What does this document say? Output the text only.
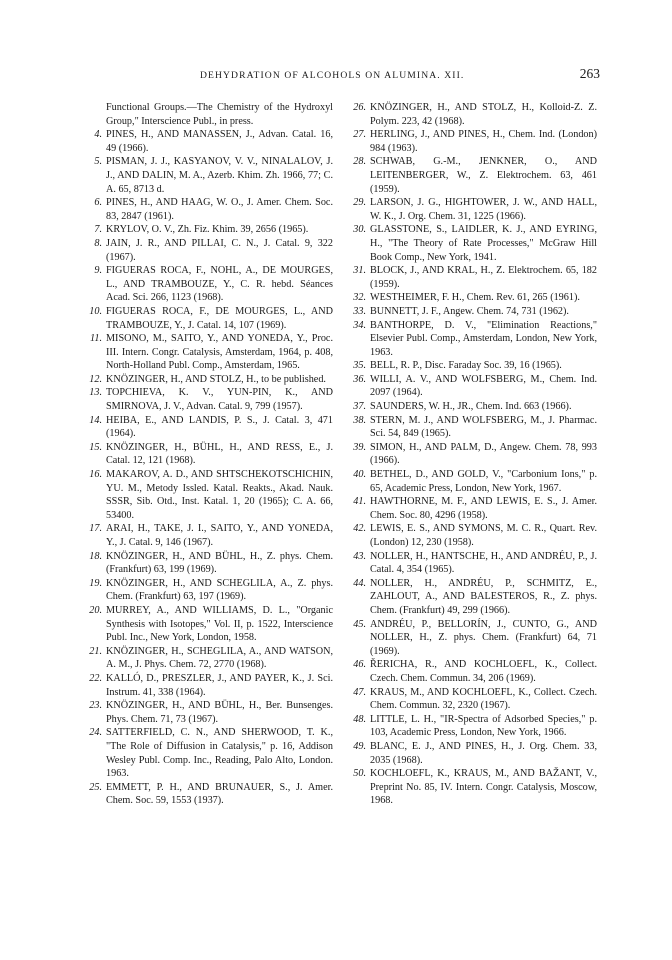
DEHYDRATION OF ALCOHOLS ON ALUMINA. XII.	263
Functional Groups.—The Chemistry of the Hydroxyl Group," Interscience Publ., in press.
4 . PINES, H., AND MANASSEN, J., Advan. Catal. 16, 49 (1966).
5 . PISMAN, J. J., KASYANOV, V. V., NINALALOV, J. J., AND DALIN, M. A., Azerb. Khim. Zh. 1966, 77; C. A. 65, 8713 d.
6 . PINES, H., AND HAAG, W. O., J. Amer. Chem. Soc. 83, 2847 (1961).
7 . KRYLOV, O. V., Zh. Fiz. Khim. 39, 2656 (1965).
8 . JAIN, J. R., AND PILLAI, C. N., J. Catal. 9, 322 (1967).
9 . FIGUERAS ROCA, F., NOHL, A., DE MOURGES, L., AND TRAMBOUZE, Y., C. R. hebd. Séances Acad. Sci. 266, 1123 (1968).
10 . FIGUERAS ROCA, F., DE MOURGES, L., AND TRAMBOUZE, Y., J. Catal. 14, 107 (1969).
11 . MISONO, M., SAITO, Y., AND YONEDA, Y., Proc. III. Intern. Congr. Catalysis, Amsterdam, 1964, p. 408, North-Holland Publ. Comp., Amsterdam, 1965.
12 . KNÖZINGER, H., AND STOLZ, H., to be published.
13 . TOPCHIEVA, K. V., YUN-PIN, K., AND SMIRNOVA, J. V., Advan. Catal. 9, 799 (1957).
14 . HEIBA, E., AND LANDIS, P. S., J. Catal. 3, 471 (1964).
15 . KNÖZINGER, H., BÜHL, H., AND RESS, E., J. Catal. 12, 121 (1968).
16 . MAKAROV, A. D., AND SHTSCHEKOTSCHICHIN, YU. M., Metody Issled. Katal. Reakts., Akad. Nauk. SSSR, Sib. Otd., Inst. Katal. 1, 20 (1965); C. A. 66, 53400.
17 . ARAI, H., TAKE, J. I., SAITO, Y., AND YONEDA, Y., J. Catal. 9, 146 (1967).
18 . KNÖZINGER, H., AND BÜHL, H., Z. phys. Chem. (Frankfurt) 63, 199 (1969).
19 . KNÖZINGER, H., AND SCHEGLILA, A., Z. phys. Chem. (Frankfurt) 63, 197 (1969).
20 . MURREY, A., AND WILLIAMS, D. L., "Organic Synthesis with Isotopes," Vol. II, p. 1522, Interscience Publ. Inc., New York, London, 1958.
21 . KNÖZINGER, H., SCHEGLILA, A., AND WATSON, A. M., J. Phys. Chem. 72, 2770 (1968).
22 . KALLÓ, D., PRESZLER, J., AND PAYER, K., J. Sci. Instrum. 41, 338 (1964).
23 . KNÖZINGER, H., AND BÜHL, H., Ber. Bunsenges. Phys. Chem. 71, 73 (1967).
24 . SATTERFIELD, C. N., AND SHERWOOD, T. K., "The Role of Diffusion in Catalysis," p. 16, Addison Wesley Publ. Comp. Inc., Reading, Palo Alto, London. 1963.
25 . EMMETT, P. H., AND BRUNAUER, S., J. Amer. Chem. Soc. 59, 1553 (1937).
26 . KNÖZINGER, H., AND STOLZ, H., Kolloid-Z. Z. Polym. 223, 42 (1968).
27 . HERLING, J., AND PINES, H., Chem. Ind. (London) 984 (1963).
28 . SCHWAB, G.-M., JENKNER, O., AND LEITENBERGER, W., Z. Elektrochem. 63, 461 (1959).
29 . LARSON, J. G., HIGHTOWER, J. W., AND HALL, W. K., J. Org. Chem. 31, 1225 (1966).
30 . GLASSTONE, S., LAIDLER, K. J., AND EYRING, H., "The Theory of Rate Processes," McGraw Hill Book Comp., New York, 1941.
31 . BLOCK, J., AND KRAL, H., Z. Elektrochem. 65, 182 (1959).
32 . WESTHEIMER, F. H., Chem. Rev. 61, 265 (1961).
33 . BUNNETT, J. F., Angew. Chem. 74, 731 (1962).
34 . BANTHORPE, D. V., "Elimination Reactions," Elsevier Publ. Comp., Amsterdam, London, New York, 1963.
35 . BELL, R. P., Disc. Faraday Soc. 39, 16 (1965).
36 . WILLI, A. V., AND WOLFSBERG, M., Chem. Ind. 2097 (1964).
37 . SAUNDERS, W. H., JR., Chem. Ind. 663 (1966).
38 . STERN, M. J., AND WOLFSBERG, M., J. Pharmac. Sci. 54, 849 (1965).
39 . SIMON, H., AND PALM, D., Angew. Chem. 78, 993 (1966).
40 . BETHEL, D., AND GOLD, V., "Carbonium Ions," p. 65, Academic Press, London, New York, 1967.
41 . HAWTHORNE, M. F., AND LEWIS, E. S., J. Amer. Chem. Soc. 80, 4296 (1958).
42 . LEWIS, E. S., AND SYMONS, M. C. R., Quart. Rev. (London) 12, 230 (1958).
43 . NOLLER, H., HANTSCHE, H., AND ANDRÉU, P., J. Catal. 4, 354 (1965).
44 . NOLLER, H., ANDRÉU, P., SCHMITZ, E., ZAHLOUT, A., AND BALESTEROS, R., Z. phys. Chem. (Frankfurt) 49, 299 (1966).
45 . ANDRÉU, P., BELLORÍN, J., CUNTO, G., AND NOLLER, H., Z. phys. Chem. (Frankfurt) 64, 71 (1969).
46 . ŘERICHA, R., AND KOCHLOEFL, K., Collect. Czech. Chem. Commun. 34, 206 (1969).
47 . KRAUS, M., AND KOCHLOEFL, K., Collect. Czech. Chem. Commun. 32, 2320 (1967).
48 . LITTLE, L. H., "IR-Spectra of Adsorbed Species," p. 103, Academic Press, London, New York, 1966.
49 . BLANC, E. J., AND PINES, H., J. Org. Chem. 33, 2035 (1968).
50 . KOCHLOEFL, K., KRAUS, M., AND BAŽANT, V., Preprint No. 85, IV. Intern. Congr. Catalysis, Moscow, 1968.
